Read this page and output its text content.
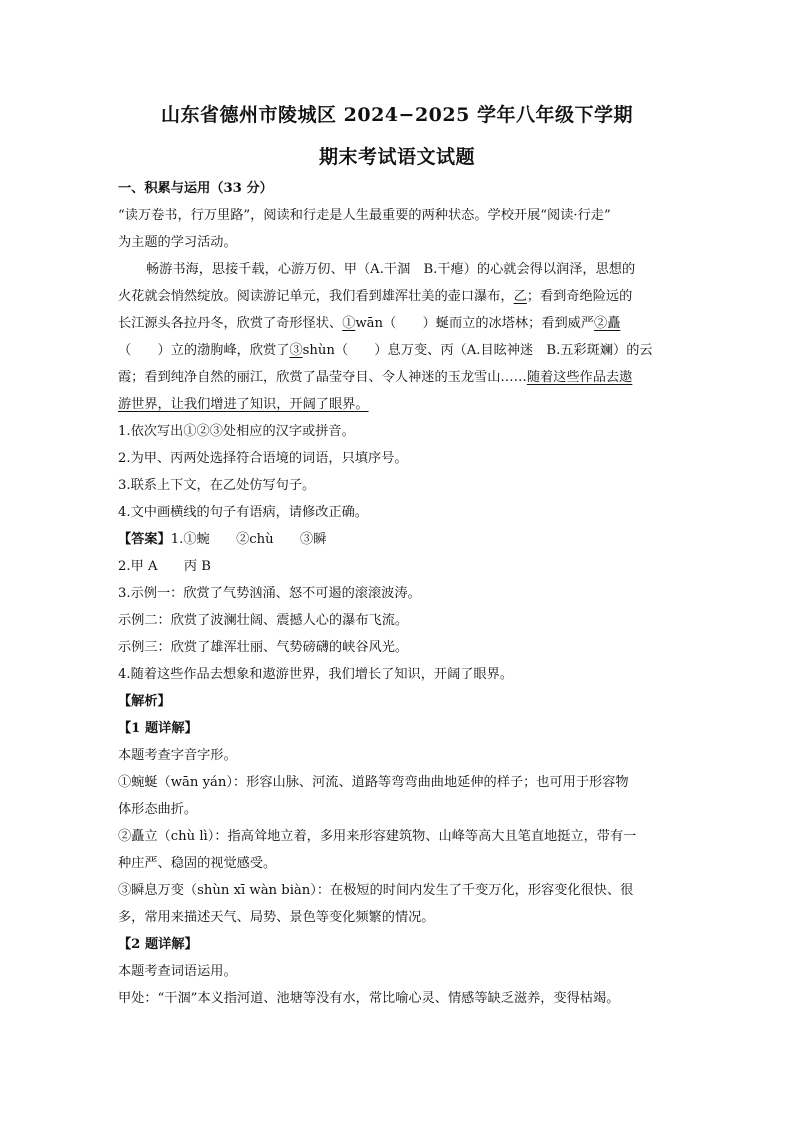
山东省德州市陵城区 2024−2025 学年八年级下学期
期末考试语文试题
一、积累与运用（33 分）
“读万卷书，行万里路”，阅读和行走是人生最重要的两种状态。学校开展“阅读·行走”
为主题的学习活动。
畅游书海，思接千载，心游万仞、甲（A.干涸　B.干瘪）的心就会得以润泽，思想的
火花就会悄然绽放。阅读游记单元，我们看到雄浑壮美的壶口瀑布，乙；看到奇绝险远的
长江源头各拉丹冬，欣赏了奇形怪状、①wān（　　）蜒而立的冰塔林；看到威严②矗
（　　）立的渤朐峰，欣赏了③shùn（　　）息万变、丙（A.目眩神迷　B.五彩斑斓）的云
霞；看到纯净自然的丽江，欣赏了晶莹夺目、令人神迷的玉龙雪山……随着这些作品去遨
游世界，让我们增进了知识，开阔了眼界。
1.依次写出①②③处相应的汉字或拼音。
2.为甲、丙两处选择符合语境的词语，只填序号。
3.联系上下文，在乙处仿写句子。
4.文中画横线的句子有语病，请修改正确。
【答案】1.①蜿　　②chù　　③瞬
2.甲 A　　丙 B
3.示例一：欣赏了气势汹涌、怒不可遏的滚滚波涛。
示例二：欣赏了波澜壮阔、震撼人心的瀑布飞流。
示例三：欣赏了雄浑壮丽、气势磅礴的峡谷风光。
4.随着这些作品去想象和遨游世界，我们增长了知识，开阔了眼界。
【解析】
【1 题详解】
本题考查字音字形。
①蜿蜒（wān yán）：形容山脉、河流、道路等弯弯曲曲地延伸的样子；也可用于形容物
体形态曲折。
②矗立（chù lì）：指高耸地立着，多用来形容建筑物、山峰等高大且笔直地挺立，带有一
种庄严、稳固的视觉感受。
③瞬息万变（shùn xī wàn biàn）：在极短的时间内发生了千变万化，形容变化很快、很
多，常用来描述天气、局势、景色等变化频繁的情况。
【2 题详解】
本题考查词语运用。
甲处：“干涸”本义指河道、池塘等没有水，常比喻心灵、情感等缺乏滋养，变得枯竭。
